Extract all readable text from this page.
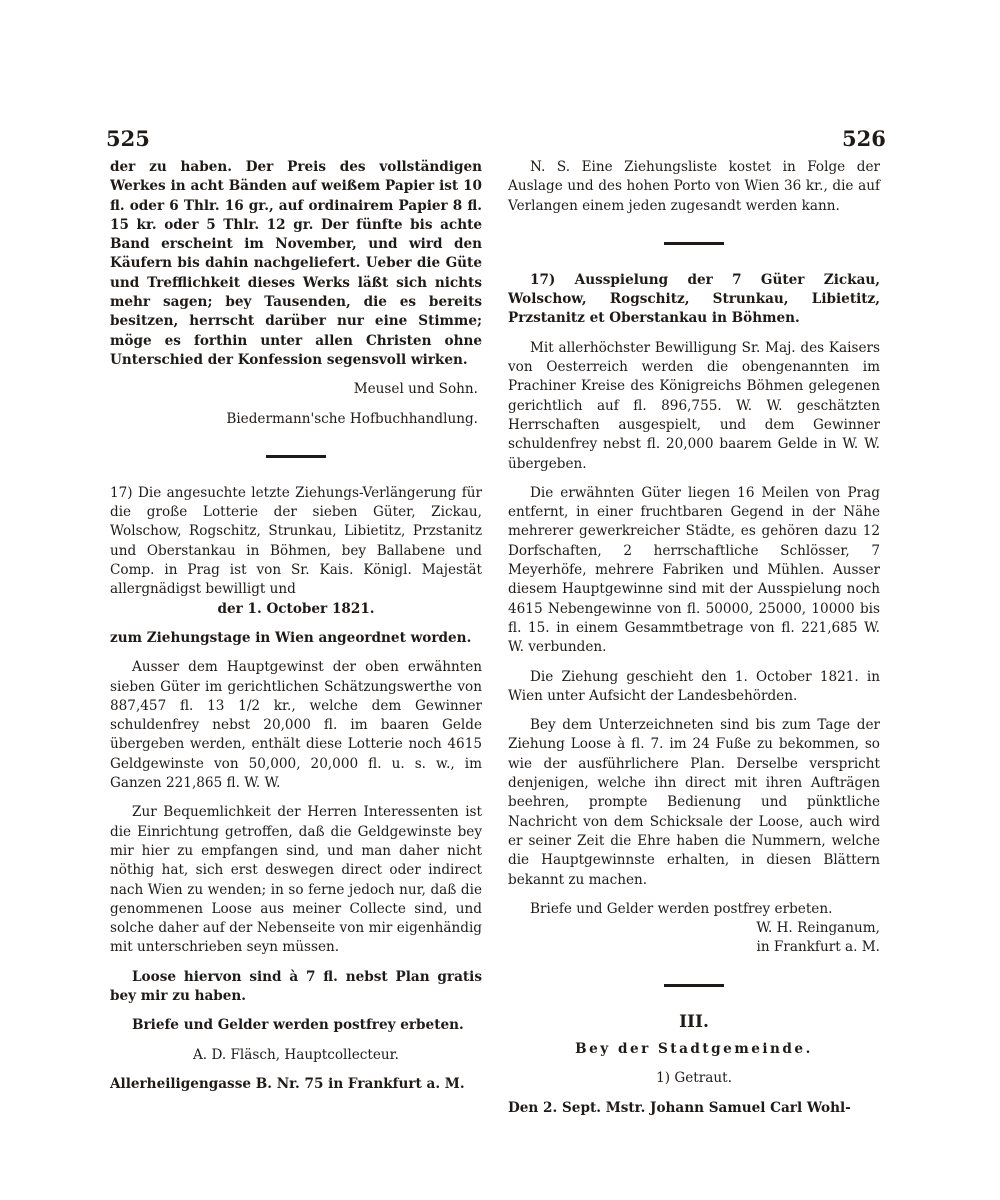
525	526

der zu haben. Der Preis des vollständigen Werkes in acht Bänden auf weißem Papier ist 10 fl. oder 6 Thlr. 16 gr., auf ordinairem Papier 8 fl. 15 kr. oder 5 Thlr. 12 gr. Der fünfte bis achte Band erscheint im November, und wird den Käufern bis dahin nachgeliefert. Ueber die Güte und Trefflichkeit dieses Werks läßt sich nichts mehr sagen; bey Tausenden, die es bereits besitzen, herrscht darüber nur eine Stimme; möge es forthin unter allen Christen ohne Unterschied der Konfession segensvoll wirken.

Meusel und Sohn.

Biedermann'sche Hofbuchhandlung.

17) Die angesuchte letzte Ziehungs-Verlängerung für die große Lotterie der sieben Güter, Zickau, Wolschow, Rogschitz, Strunkau, Libietitz, Przstanitz und Oberstankau in Böhmen, bey Ballabene und Comp. in Prag ist von Sr. Kais. Königl. Majestät allergnädigst bewilligt und

der 1. October 1821.

zum Ziehungstage in Wien angeordnet worden.

Ausser dem Hauptgewinst der oben erwähnten sieben Güter im gerichtlichen Schätzungswerthe von 887,457 fl. 13 1/2 kr., welche dem Gewinner schuldenfrey nebst 20,000 fl. im baaren Gelde übergeben werden, enthält diese Lotterie noch 4615 Geldgewinste von 50,000, 20,000 fl. u. s. w., im Ganzen 221,865 fl. W. W.

Zur Bequemlichkeit der Herren Interessenten ist die Einrichtung getroffen, daß die Geldgewinste bey mir hier zu empfangen sind, und man daher nicht nöthig hat, sich erst deswegen direct oder indirect nach Wien zu wenden; in so ferne jedoch nur, daß die genommenen Loose aus meiner Collecte sind, und solche daher auf der Nebenseite von mir eigenhändig mit unterschrieben seyn müssen.

Loose hiervon sind à 7 fl. nebst Plan gratis bey mir zu haben.

Briefe und Gelder werden postfrey erbeten.

A. D. Fläsch, Hauptcollecteur.

Allerheiligengasse B. Nr. 75 in Frankfurt a. M.

N. S. Eine Ziehungsliste kostet in Folge der Auslage und des hohen Porto von Wien 36 kr., die auf Verlangen einem jeden zugesandt werden kann.

17) Ausspielung der 7 Güter Zickau, Wolschow, Rogschitz, Strunkau, Libietitz, Przstanitz et Oberstankau in Böhmen.

Mit allerhöchster Bewilligung Sr. Maj. des Kaisers von Oesterreich werden die obengenannten im Prachiner Kreise des Königreichs Böhmen gelegenen gerichtlich auf fl. 896,755. W. W. geschätzten Herrschaften ausgespielt, und dem Gewinner schuldenfrey nebst fl. 20,000 baarem Gelde in W. W. übergeben.

Die erwähnten Güter liegen 16 Meilen von Prag entfernt, in einer fruchtbaren Gegend in der Nähe mehrerer gewerkreicher Städte, es gehören dazu 12 Dorfschaften, 2 herrschaftliche Schlösser, 7 Meyerhöfe, mehrere Fabriken und Mühlen. Ausser diesem Hauptgewinne sind mit der Ausspielung noch 4615 Nebengewinne von fl. 50000, 25000, 10000 bis fl. 15. in einem Gesammtbetrage von fl. 221,685 W. W. verbunden.

Die Ziehung geschieht den 1. October 1821. in Wien unter Aufsicht der Landesbehörden.

Bey dem Unterzeichneten sind bis zum Tage der Ziehung Loose à fl. 7. im 24 Fuße zu bekommen, so wie der ausführlichere Plan. Derselbe verspricht denjenigen, welche ihn direct mit ihren Aufträgen beehren, prompte Bedienung und pünktliche Nachricht von dem Schicksale der Loose, auch wird er seiner Zeit die Ehre haben die Nummern, welche die Hauptgewinnste erhalten, in diesen Blättern bekannt zu machen.

Briefe und Gelder werden postfrey erbeten.

W. H. Reinganum,

in Frankfurt a. M.

III.

Bey der Stadtgemeinde.

1) Getraut.

Den 2. Sept. Mstr. Johann Samuel Carl Wohl-
